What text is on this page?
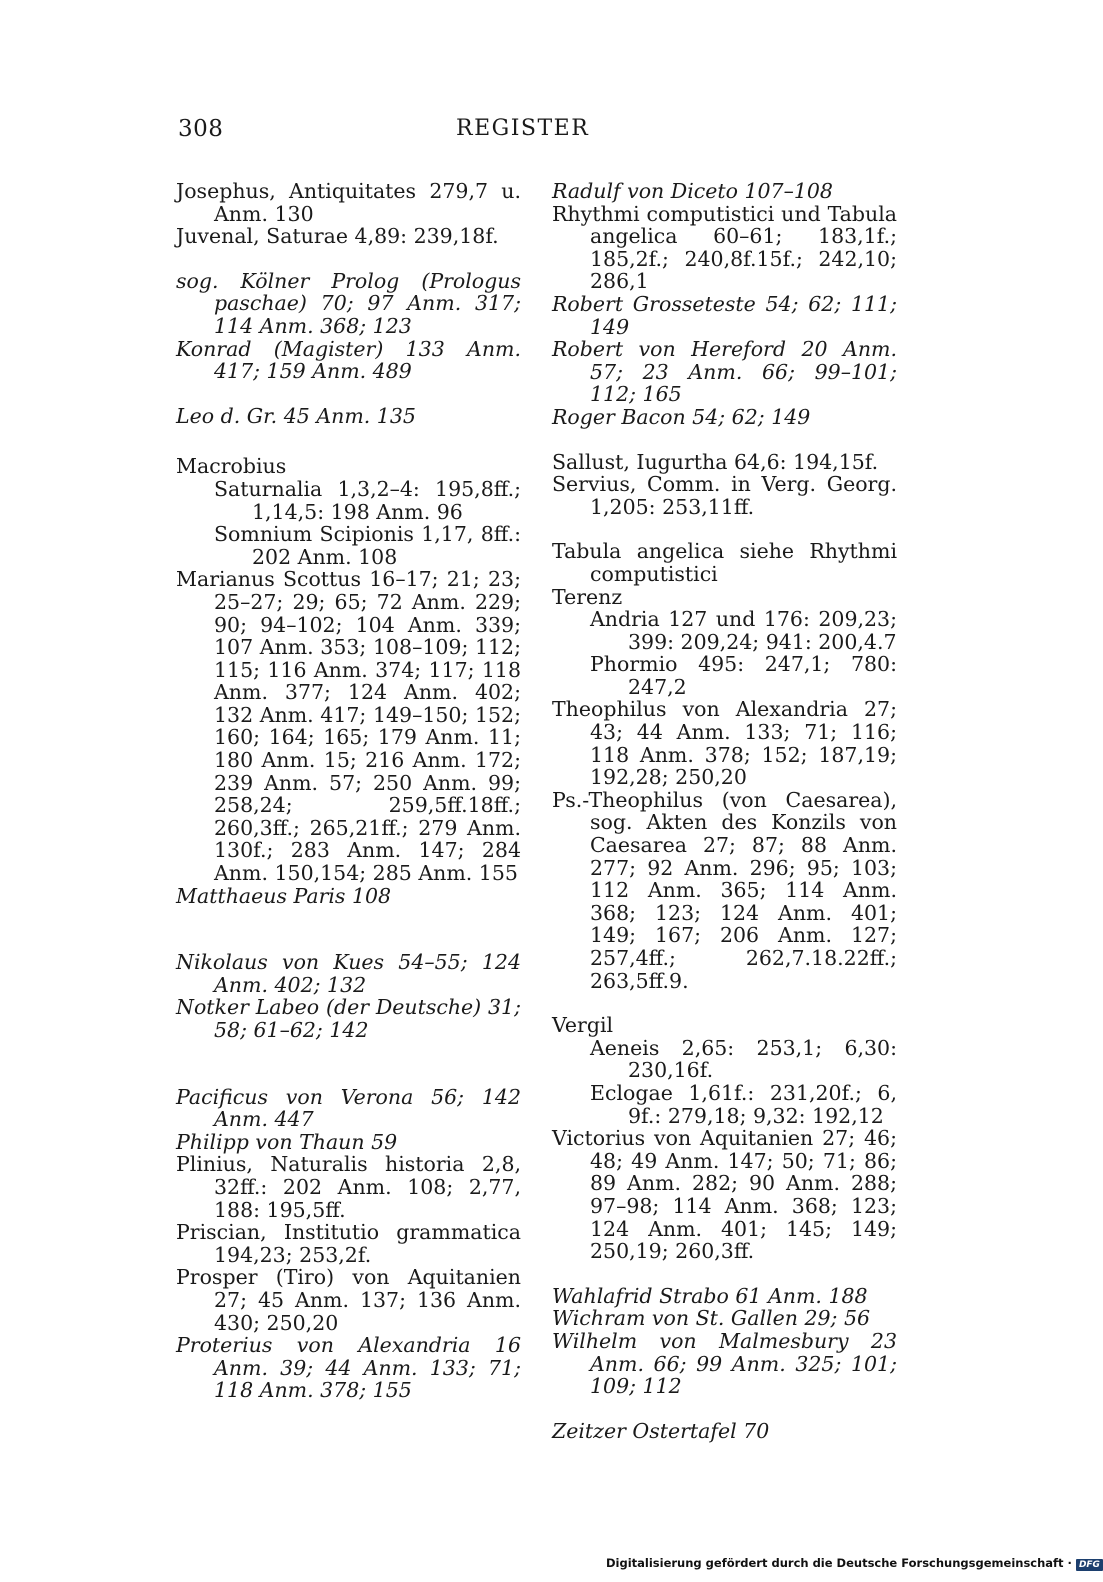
308	REGISTER
Josephus, Antiquitates 279,7 u. Anm. 130
Juvenal, Saturae 4,89: 239,18f.
sog. Kölner Prolog (Prologus paschae) 70; 97 Anm. 317; 114 Anm. 368; 123
Konrad (Magister) 133 Anm. 417; 159 Anm. 489
Leo d. Gr. 45 Anm. 135
Macrobius
Saturnalia 1,3,2–4: 195,8ff.; 1,14,5: 198 Anm. 96
Somnium Scipionis 1,17, 8ff.: 202 Anm. 108
Marianus Scottus 16–17; 21; 23; 25–27; 29; 65; 72 Anm. 229; 90; 94–102; 104 Anm. 339; 107 Anm. 353; 108–109; 112; 115; 116 Anm. 374; 117; 118 Anm. 377; 124 Anm. 402; 132 Anm. 417; 149–150; 152; 160; 164; 165; 179 Anm. 11; 180 Anm. 15; 216 Anm. 172; 239 Anm. 57; 250 Anm. 99; 258,24; 259,5ff.18ff.; 260,3ff.; 265,21ff.; 279 Anm. 130f.; 283 Anm. 147; 284 Anm. 150,154; 285 Anm. 155
Matthaeus Paris 108
Nikolaus von Kues 54–55; 124 Anm. 402; 132
Notker Labeo (der Deutsche) 31; 58; 61–62; 142
Pacificus von Verona 56; 142 Anm. 447
Philipp von Thaun 59
Plinius, Naturalis historia 2,8, 32ff.: 202 Anm. 108; 2,77, 188: 195,5ff.
Priscian, Institutio grammatica 194,23; 253,2f.
Prosper (Tiro) von Aquitanien 27; 45 Anm. 137; 136 Anm. 430; 250,20
Proterius von Alexandria 16 Anm. 39; 44 Anm. 133; 71; 118 Anm. 378; 155
Radulf von Diceto 107–108
Rhythmi computistici und Tabula angelica 60–61; 183,1f.; 185,2f.; 240,8f.15f.; 242,10; 286,1
Robert Grosseteste 54; 62; 111; 149
Robert von Hereford 20 Anm. 57; 23 Anm. 66; 99–101; 112; 165
Roger Bacon 54; 62; 149
Sallust, Iugurtha 64,6: 194,15f.
Servius, Comm. in Verg. Georg. 1,205: 253,11ff.
Tabula angelica siehe Rhythmi computistici
Terenz
Andria 127 und 176: 209,23; 399: 209,24; 941: 200,4.7
Phormio 495: 247,1; 780: 247,2
Theophilus von Alexandria 27; 43; 44 Anm. 133; 71; 116; 118 Anm. 378; 152; 187,19; 192,28; 250,20
Ps.-Theophilus (von Caesarea), sog. Akten des Konzils von Caesarea 27; 87; 88 Anm. 277; 92 Anm. 296; 95; 103; 112 Anm. 365; 114 Anm. 368; 123; 124 Anm. 401; 149; 167; 206 Anm. 127; 257,4ff.; 262,7.18.22ff.; 263,5ff.9.
Vergil
Aeneis 2,65: 253,1; 6,30: 230,16f.
Eclogae 1,61f.: 231,20f.; 6, 9f.: 279,18; 9,32: 192,12
Victorius von Aquitanien 27; 46; 48; 49 Anm. 147; 50; 71; 86; 89 Anm. 282; 90 Anm. 288; 97–98; 114 Anm. 368; 123; 124 Anm. 401; 145; 149; 250,19; 260,3ff.
Wahlafrid Strabo 61 Anm. 188
Wichram von St. Gallen 29; 56
Wilhelm von Malmesbury 23 Anm. 66; 99 Anm. 325; 101; 109; 112
Zeitzer Ostertafel 70
Digitalisierung gefördert durch die Deutsche Forschungsgemeinschaft · DFG
